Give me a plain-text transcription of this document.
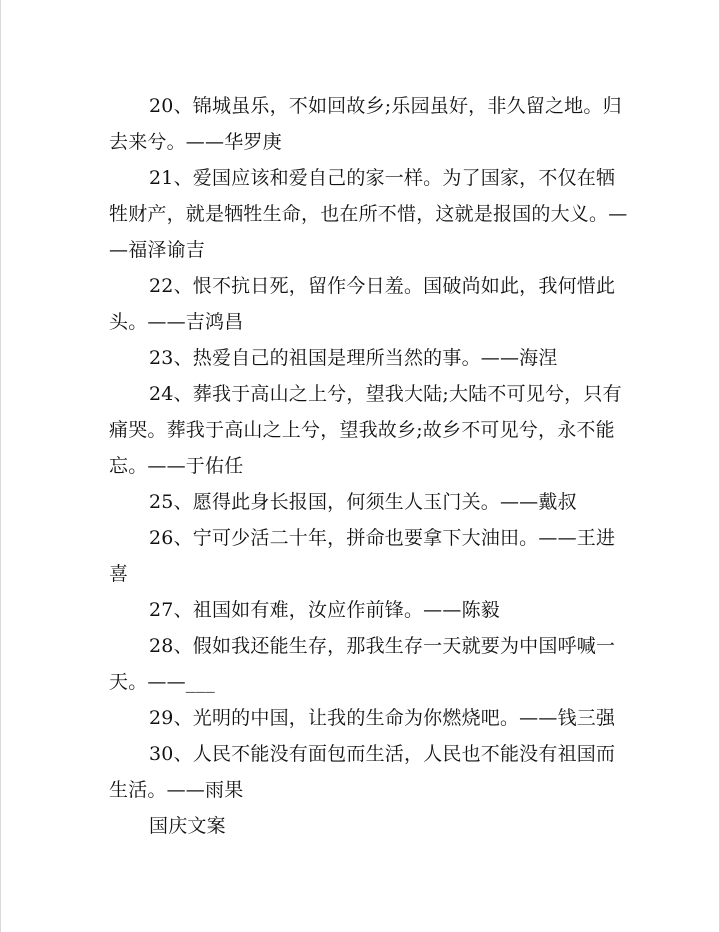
20、锦城虽乐，不如回故乡;乐园虽好，非久留之地。归
去来兮。——华罗庚
21、爱国应该和爱自己的家一样。为了国家，不仅在牺
牲财产，就是牺牲生命，也在所不惜，这就是报国的大义。—
—福泽谕吉
22、恨不抗日死，留作今日羞。国破尚如此，我何惜此
头。——吉鸿昌
23、热爱自己的祖国是理所当然的事。——海涅
24、葬我于高山之上兮，望我大陆;大陆不可见兮，只有
痛哭。葬我于高山之上兮，望我故乡;故乡不可见兮，永不能
忘。——于佑任
25、愿得此身长报国，何须生人玉门关。——戴叔
26、宁可少活二十年，拼命也要拿下大油田。——王进
喜
27、祖国如有难，汝应作前锋。——陈毅
28、假如我还能生存，那我生存一天就要为中国呼喊一
天。——___
29、光明的中国，让我的生命为你燃烧吧。——钱三强
30、人民不能没有面包而生活，人民也不能没有祖国而
生活。——雨果
国庆文案
